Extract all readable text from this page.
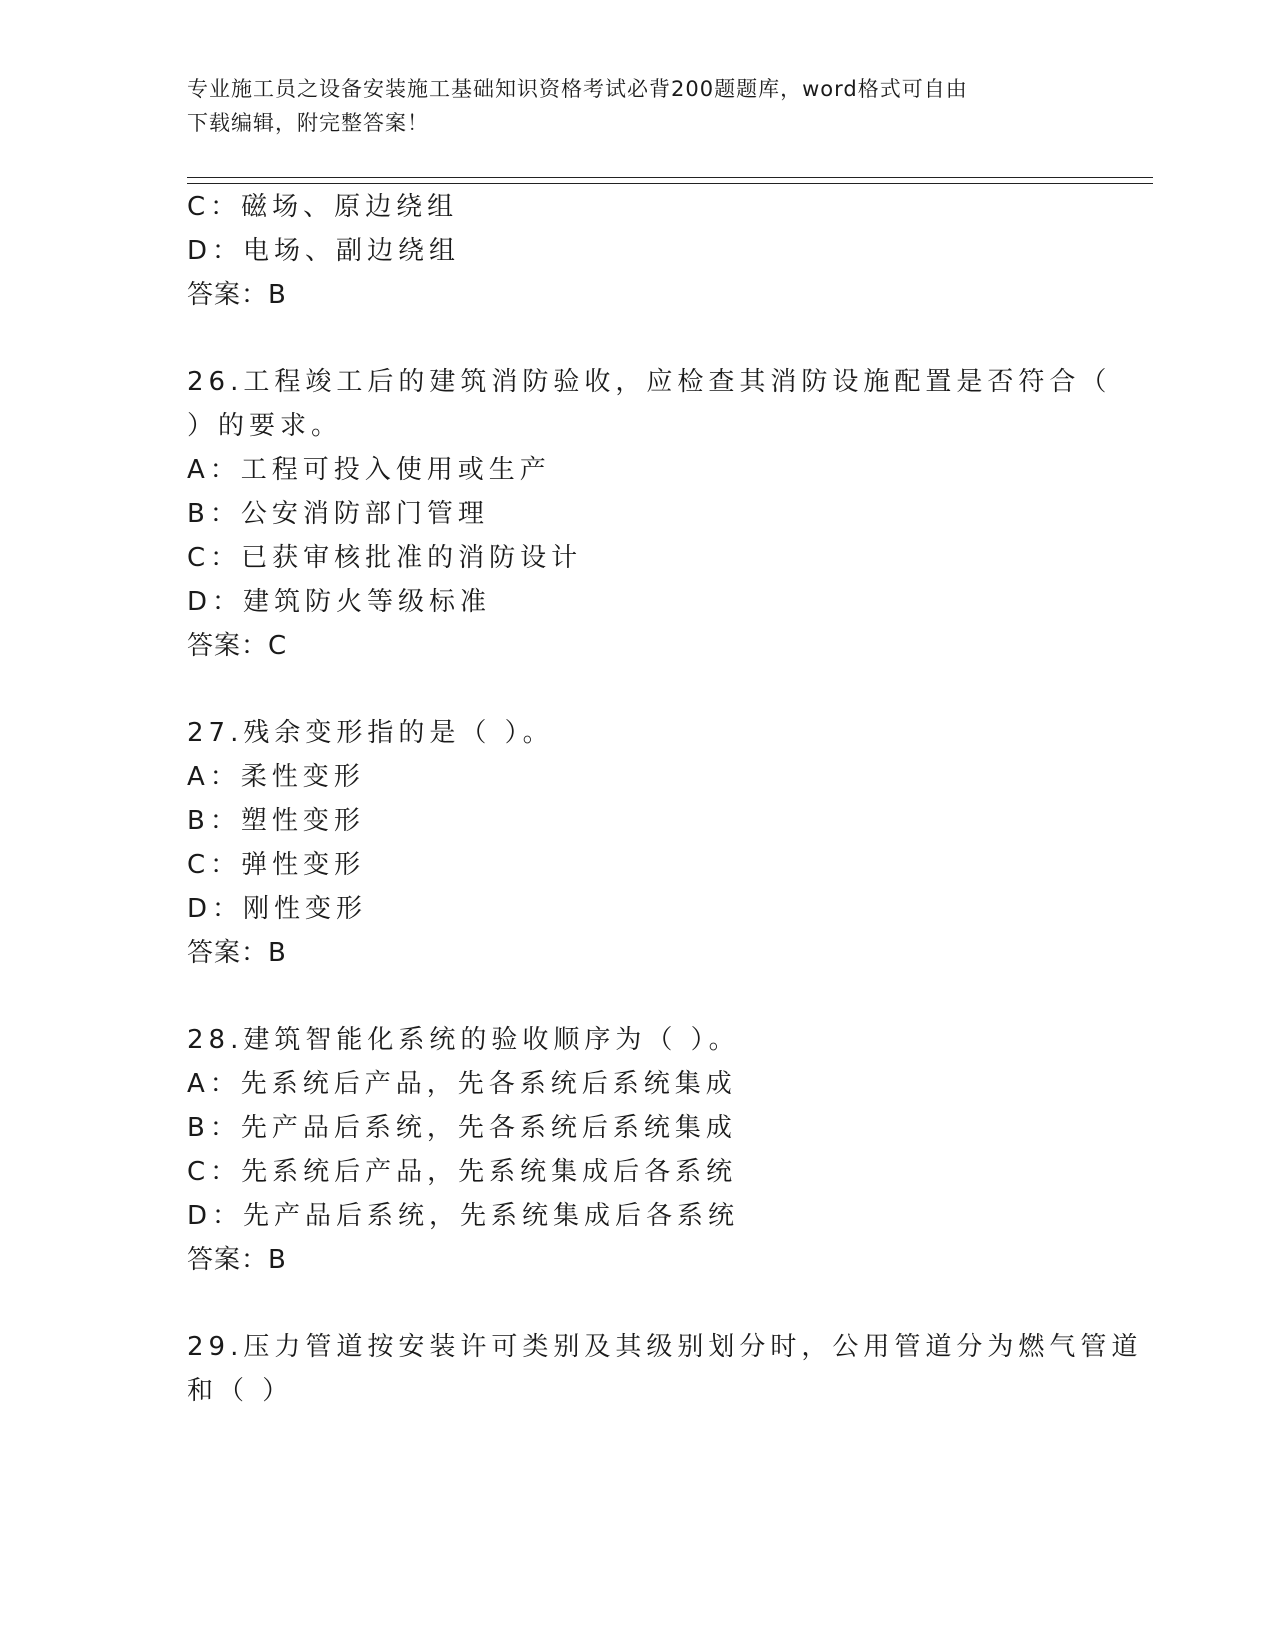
专业施工员之设备安装施工基础知识资格考试必背200题题库，word格式可自由
下载编辑，附完整答案！
C：磁场、原边绕组
D：电场、副边绕组
答案：B
26.工程竣工后的建筑消防验收，应检查其消防设施配置是否符合（
）的要求。
A：工程可投入使用或生产
B：公安消防部门管理
C：已获审核批准的消防设计
D：建筑防火等级标准
答案：C
27.残余变形指的是（ ）。
A：柔性变形
B：塑性变形
C：弹性变形
D：刚性变形
答案：B
28.建筑智能化系统的验收顺序为（ ）。
A：先系统后产品，先各系统后系统集成
B：先产品后系统，先各系统后系统集成
C：先系统后产品，先系统集成后各系统
D：先产品后系统，先系统集成后各系统
答案：B
29.压力管道按安装许可类别及其级别划分时，公用管道分为燃气管道
和（ ）
